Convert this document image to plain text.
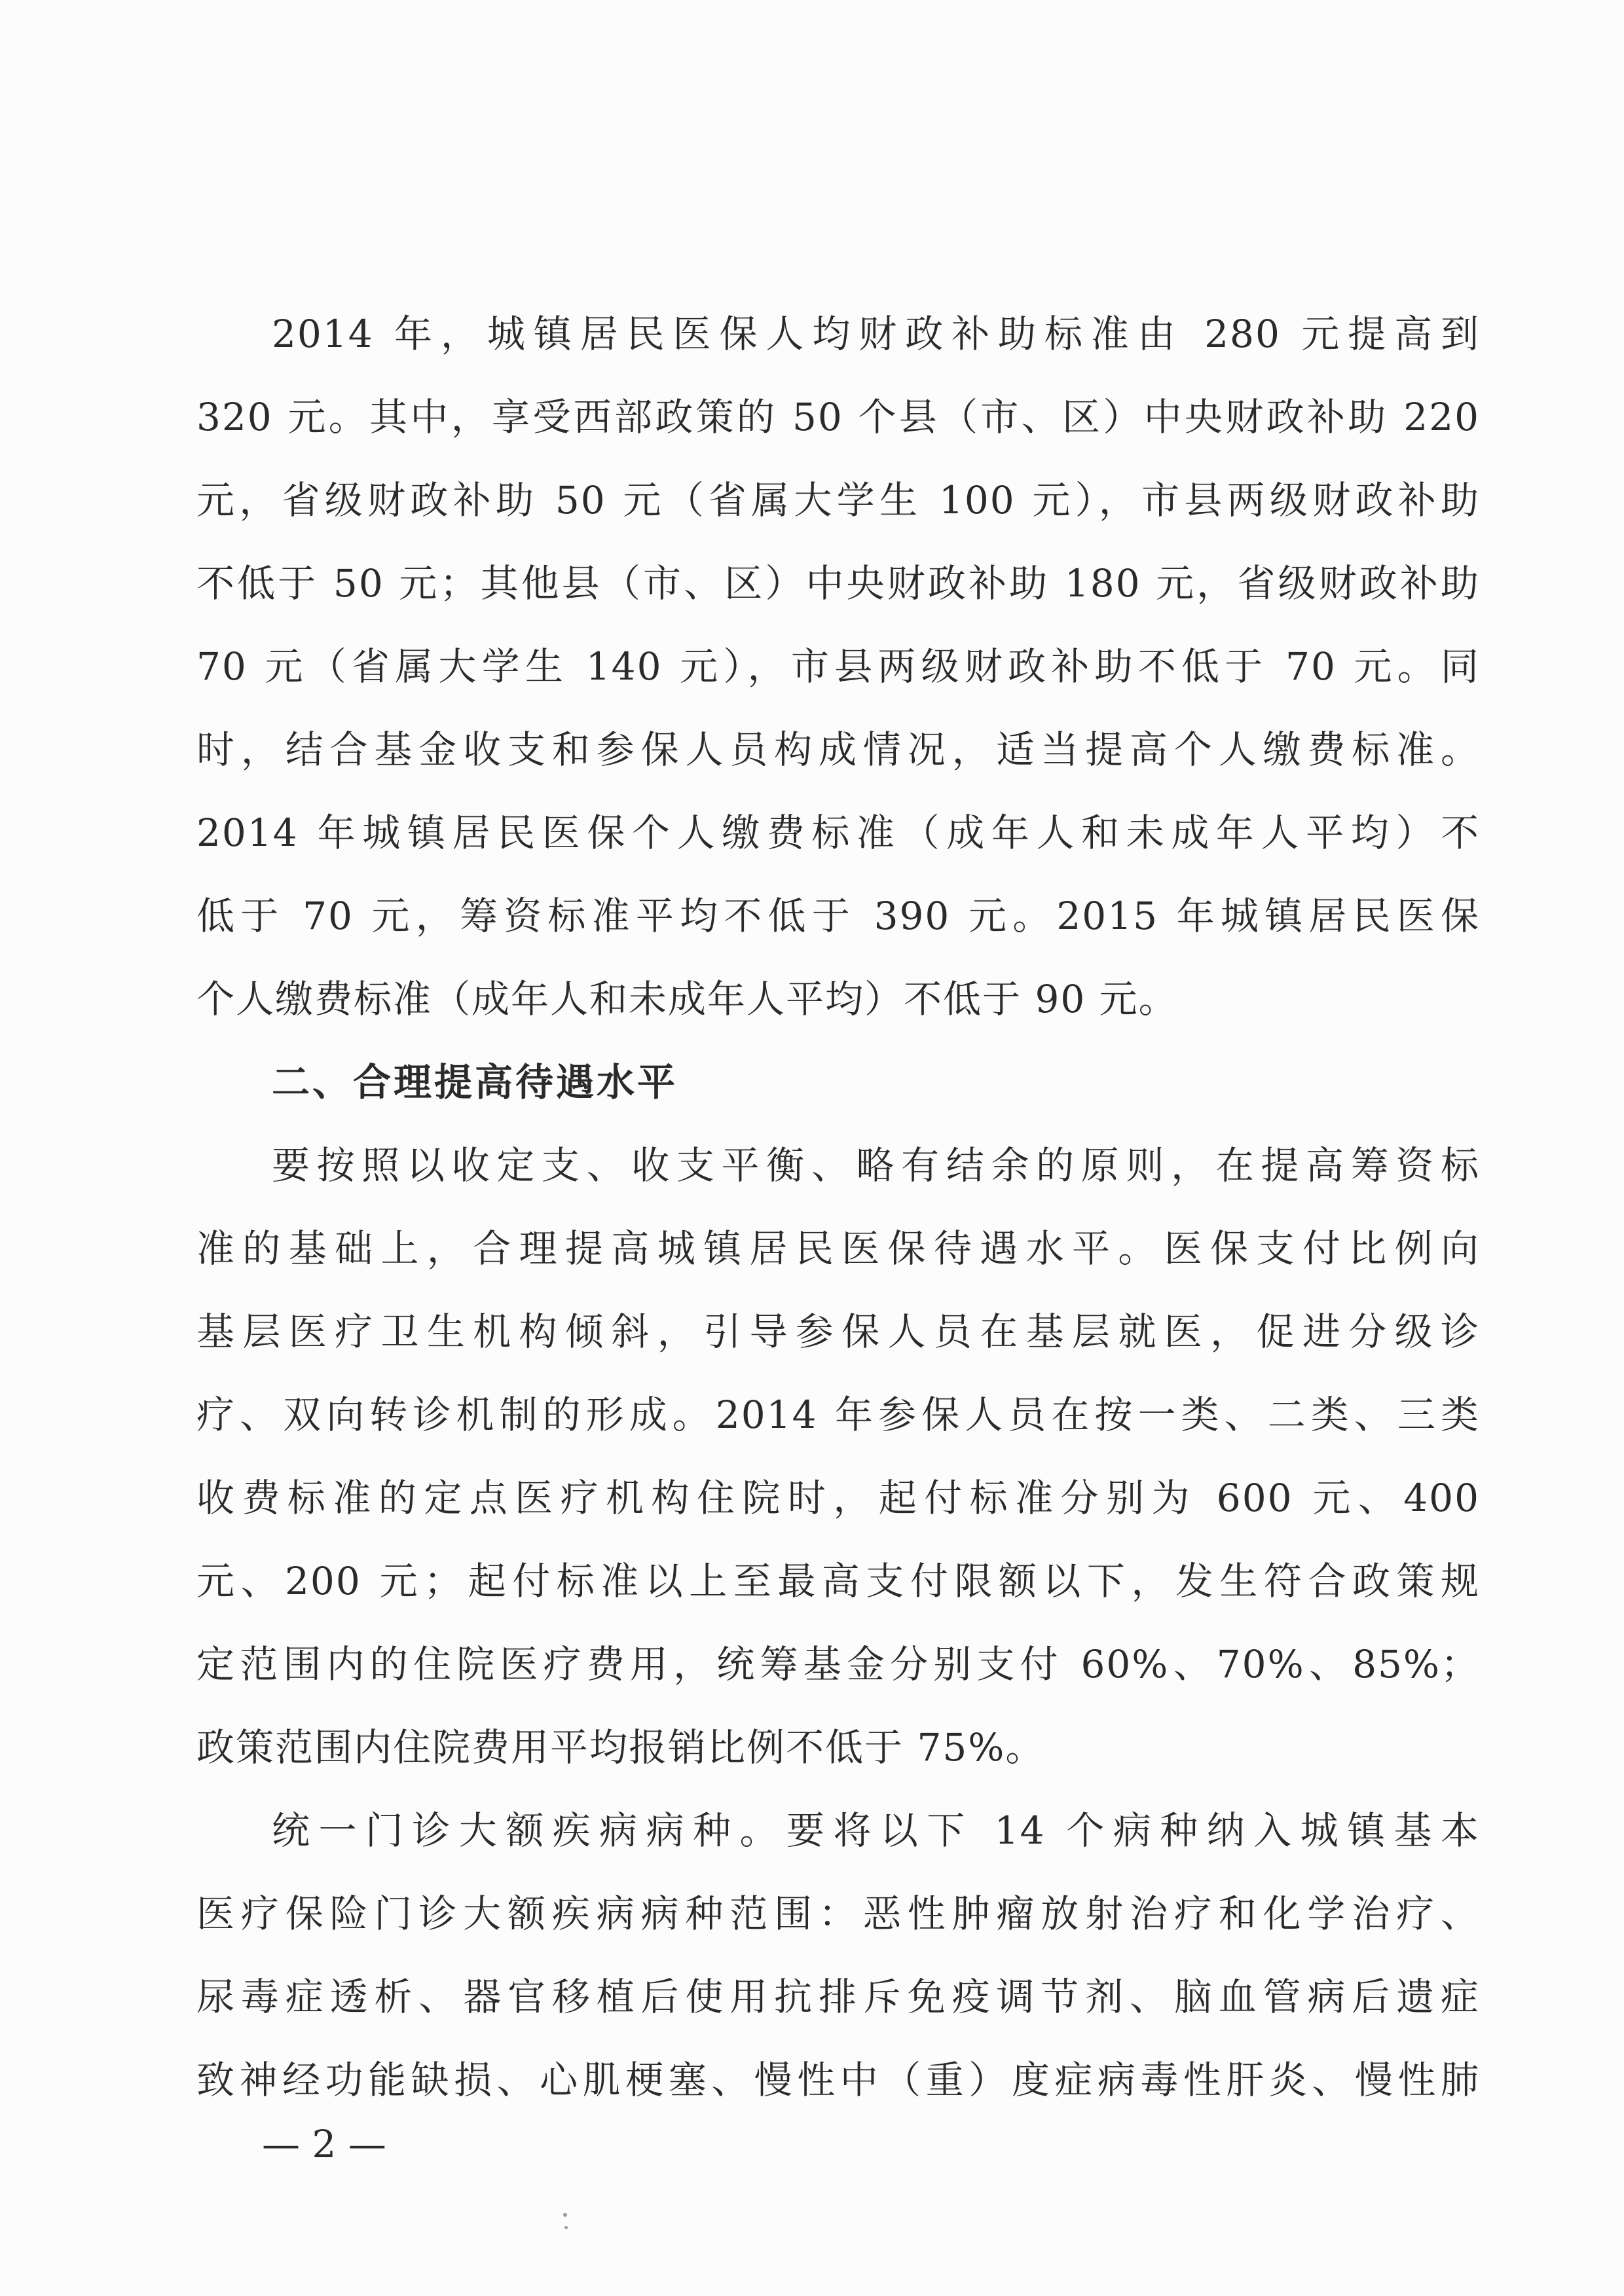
2014 年，城镇居民医保人均财政补助标准由 280 元提高到
320 元。其中，享受西部政策的 50 个县（市、区）中央财政补助 220
元，省级财政补助 50 元（省属大学生 100 元），市县两级财政补助
不低于 50 元；其他县（市、区）中央财政补助 180 元，省级财政补助
70 元（省属大学生 140 元），市县两级财政补助不低于 70 元。同
时，结合基金收支和参保人员构成情况，适当提高个人缴费标准。
2014 年城镇居民医保个人缴费标准（成年人和未成年人平均）不
低于 70 元，筹资标准平均不低于 390 元。2015 年城镇居民医保
个人缴费标准（成年人和未成年人平均）不低于 90 元。
二、合理提高待遇水平
要按照以收定支、收支平衡、略有结余的原则，在提高筹资标
准的基础上，合理提高城镇居民医保待遇水平。医保支付比例向
基层医疗卫生机构倾斜，引导参保人员在基层就医，促进分级诊
疗、双向转诊机制的形成。2014 年参保人员在按一类、二类、三类
收费标准的定点医疗机构住院时，起付标准分别为 600 元、400
元、200 元；起付标准以上至最高支付限额以下，发生符合政策规
定范围内的住院医疗费用，统筹基金分别支付 60%、70%、85%；
政策范围内住院费用平均报销比例不低于 75%。
统一门诊大额疾病病种。要将以下 14 个病种纳入城镇基本
医疗保险门诊大额疾病病种范围：恶性肿瘤放射治疗和化学治疗、
尿毒症透析、器官移植后使用抗排斥免疫调节剂、脑血管病后遗症
致神经功能缺损、心肌梗塞、慢性中（重）度症病毒性肝炎、慢性肺
— 2 —
